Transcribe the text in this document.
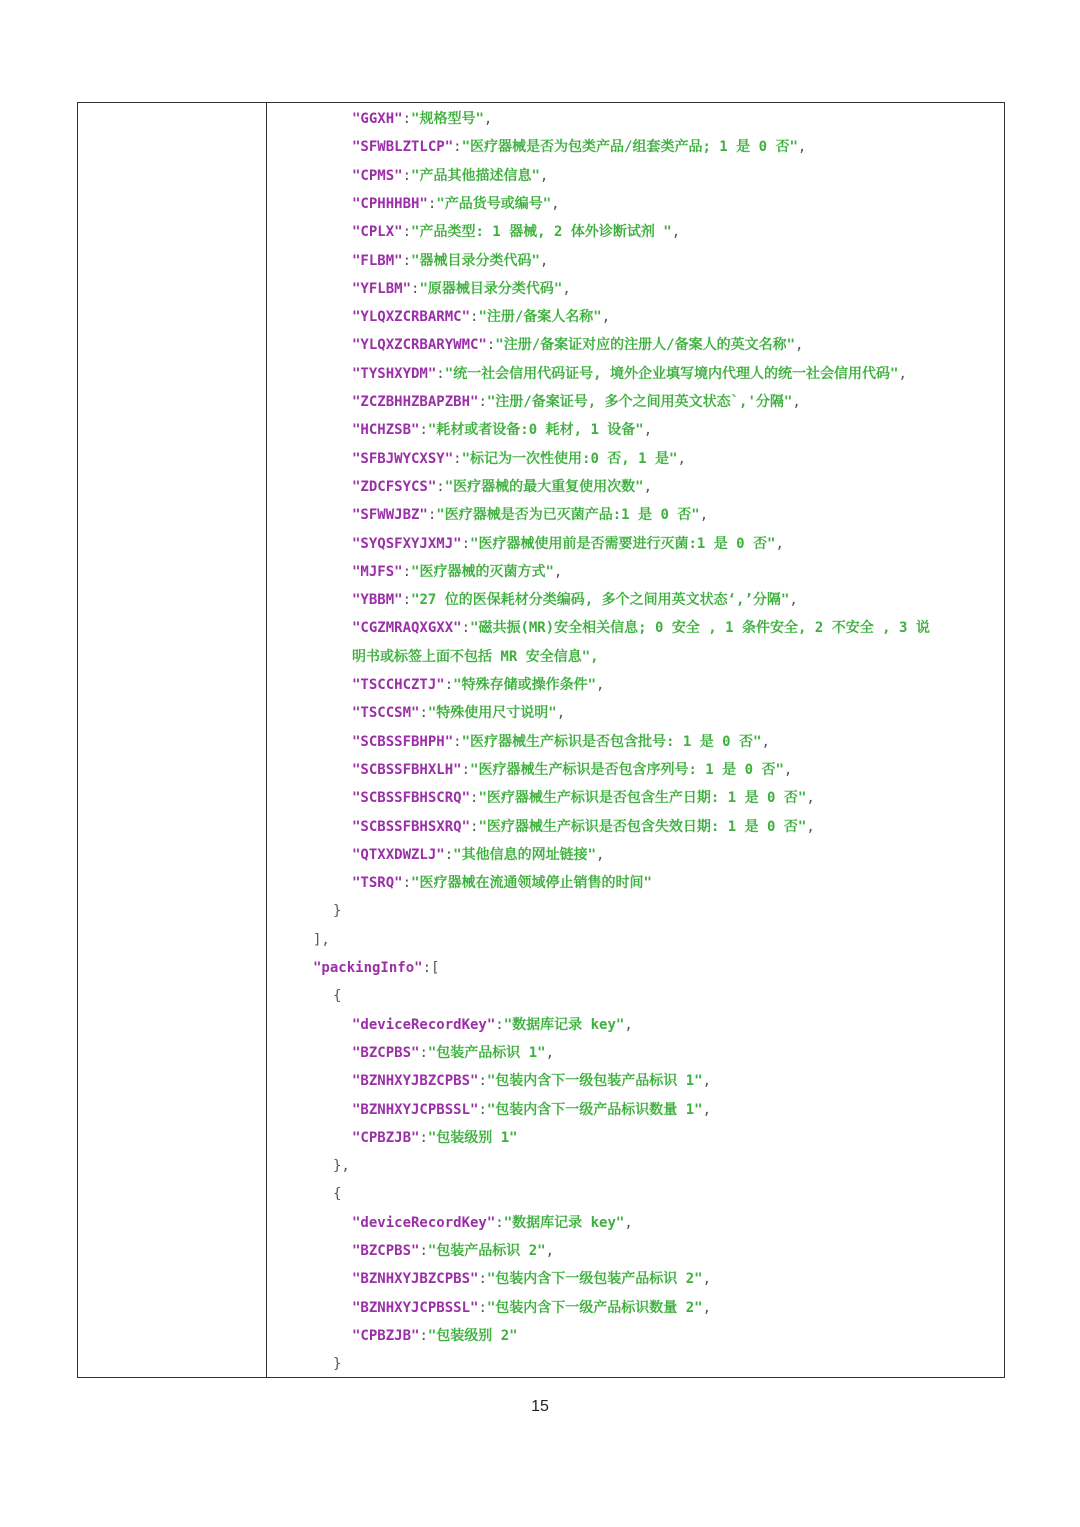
"GGXH":"规格型号",
"SFWBLZTLCP":"医疗器械是否为包类产品/组套类产品; 1 是 0 否",
"CPMS":"产品其他描述信息",
"CPHHHBH":"产品货号或编号",
"CPLX":"产品类型: 1 器械, 2 体外诊断试剂 ",
"FLBM":"器械目录分类代码",
"YFLBM":"原器械目录分类代码",
"YLQXZCRBARMC":"注册/备案人名称",
"YLQXZCRBARYWMC":"注册/备案证对应的注册人/备案人的英文名称",
"TYSHXYDM":"统一社会信用代码证号, 境外企业填写境内代理人的统一社会信用代码",
"ZCZBHHZBAPZBH":"注册/备案证号, 多个之间用英文状态`,'分隔",
"HCHZSB":"耗材或者设备:0 耗材, 1 设备",
"SFBJWYCXSY":"标记为一次性使用:0 否, 1 是",
"ZDCFSYCS":"医疗器械的最大重复使用次数",
"SFWWJBZ":"医疗器械是否为已灭菌产品:1 是 0 否",
"SYQSFXYJXMJ":"医疗器械使用前是否需要进行灭菌:1 是 0 否",
"MJFS":"医疗器械的灭菌方式",
"YBBM":"27 位的医保耗材分类编码, 多个之间用英文状态‘,’分隔",
"CGZMRAQXGXX":"磁共振(MR)安全相关信息; 0 安全 , 1 条件安全, 2 不安全 , 3 说
明书或标签上面不包括 MR 安全信息",
"TSCCHCZTJ":"特殊存储或操作条件",
"TSCCSM":"特殊使用尺寸说明",
"SCBSSFBHPH":"医疗器械生产标识是否包含批号: 1 是 0 否",
"SCBSSFBHXLH":"医疗器械生产标识是否包含序列号: 1 是 0 否",
"SCBSSFBHSCRQ":"医疗器械生产标识是否包含生产日期: 1 是 0 否",
"SCBSSFBHSXRQ":"医疗器械生产标识是否包含失效日期: 1 是 0 否",
"QTXXDWZLJ":"其他信息的网址链接",
"TSRQ":"医疗器械在流通领域停止销售的时间"
}
],
"packingInfo":[
{
"deviceRecordKey":"数据库记录 key",
"BZCPBS":"包装产品标识 1",
"BZNHXYJBZCPBS":"包装内含下一级包装产品标识 1",
"BZNHXYJCPBSSL":"包装内含下一级产品标识数量 1",
"CPBZJB":"包装级别 1"
},
{
"deviceRecordKey":"数据库记录 key",
"BZCPBS":"包装产品标识 2",
"BZNHXYJBZCPBS":"包装内含下一级包装产品标识 2",
"BZNHXYJCPBSSL":"包装内含下一级产品标识数量 2",
"CPBZJB":"包装级别 2"
}
15
